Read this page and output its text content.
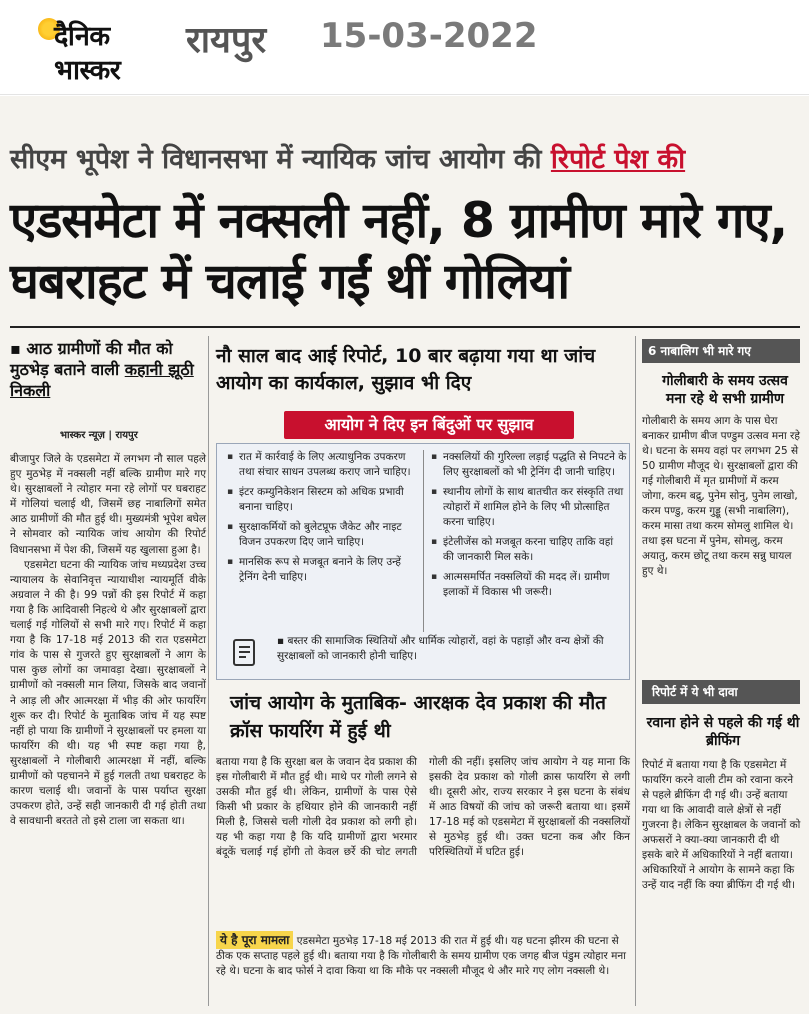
दैनिक
भास्कर
रायपुर 15-03-2022
सीएम भूपेश ने विधानसभा में न्यायिक जांच आयोग की रिपोर्ट पेश की
एडसमेटा में नक्सली नहीं, 8 ग्रामीण मारे गए, घबराहट में चलाई गईं थीं गोलियां
▪ आठ ग्रामीणों की मौत को मुठभेड़ बताने वाली कहानी झूठी निकली
भास्कर न्यूज़ | रायपुर

बीजापुर जिले के एडसमेटा में लगभग नौ साल पहले हुए मुठभेड़ में नक्सली नहीं बल्कि ग्रामीण मारे गए थे। सुरक्षाबलों ने त्योहार मना रहे लोगों पर घबराहट में गोलियां चलाई थी, जिसमें छह नाबालिगों समेत आठ ग्रामीणों की मौत हुई थी। मुख्यमंत्री भूपेश बघेल ने सोमवार को न्यायिक जांच आयोग की रिपोर्ट विधानसभा में पेश की, जिसमें यह खुलासा हुआ है।

एडसमेटा घटना की न्यायिक जांच मध्यप्रदेश उच्च न्यायालय के सेवानिवृत्त न्यायाधीश न्यायमूर्ति वीके अग्रवाल ने की है। 99 पन्नों की इस रिपोर्ट में कहा गया है कि आदिवासी निहत्थे थे और सुरक्षाबलों द्वारा चलाई गई गोलियों से सभी मारे गए। रिपोर्ट में कहा गया है कि 17-18 मई 2013 की रात एडसमेटा गांव के पास से गुजरते हुए सुरक्षाबलों ने आग के पास कुछ लोगों का जमावड़ा देखा। सुरक्षाबलों ने ग्रामीणों को नक्सली मान लिया, जिसके बाद जवानों ने आड़ ली और आत्मरक्षा में भीड़ की ओर फायरिंग शुरू कर दी। रिपोर्ट के मुताबिक जांच में यह स्पष्ट नहीं हो पाया कि ग्रामीणों ने सुरक्षाबलों पर हमला या फायरिंग की थी। यह भी स्पष्ट कहा गया है, सुरक्षाबलों ने गोलीबारी आत्मरक्षा में नहीं, बल्कि ग्रामीणों को पहचानने में हुई गलती तथा घबराहट के कारण चलाई थी। जवानों के पास पर्याप्त सुरक्षा उपकरण होते, उन्हें सही जानकारी दी गई होती तथा वे सावधानी बरतते तो इसे टाला जा सकता था।

नौ साल बाद आई रिपोर्ट, 10 बार बढ़ाया गया था जांच आयोग का कार्यकाल, सुझाव भी दिए
▪ रात में कार्रवाई के लिए अत्याधुनिक उपकरण तथा संचार साधन उपलब्ध कराए जाने चाहिए।
▪ इंटर कम्युनिकेशन सिस्टम को अधिक प्रभावी बनाना चाहिए।
▪ सुरक्षाकर्मियों को बुलेटप्रूफ जैकेट और नाइट विजन उपकरण दिए जाने चाहिए।
▪ मानसिक रूप से मजबूत बनाने के लिए उन्हें ट्रेनिंग देनी चाहिए।
▪ नक्सलियों की गुरिल्ला लड़ाई पद्धति से निपटने के लिए सुरक्षाबलों को भी ट्रेनिंग दी जानी चाहिए।
▪ स्थानीय लोगों के साथ बातचीत कर संस्कृति तथा त्योहारों में शामिल होने के लिए भी प्रोत्साहित करना चाहिए।
▪ इंटेलीजेंस को मजबूत करना चाहिए ताकि वहां की जानकारी मिल सके।
▪ आत्मसमर्पित नक्सलियों की मदद लें। ग्रामीण इलाकों में विकास भी जरूरी।
▪ बस्तर की सामाजिक स्थितियों और धार्मिक त्योहारों, वहां के पहाड़ों और वन्य क्षेत्रों की सुरक्षाबलों को जानकारी होनी चाहिए।
आयोग ने दिए इन बिंदुओं पर सुझाव
जांच आयोग के मुताबिक- आरक्षक देव प्रकाश की मौत क्रॉस फायरिंग में हुई थी
बताया गया है कि सुरक्षा बल के जवान देव प्रकाश की इस गोलीबारी में मौत हुई थी। माथे पर गोली लगने से उसकी मौत हुई थी। लेकिन, ग्रामीणों के पास ऐसे किसी भी प्रकार के हथियार होने की जानकारी नहीं मिली है, जिससे चली गोली देव प्रकाश को लगी हो। यह भी कहा गया है कि यदि ग्रामीणों द्वारा भरमार बंदूकें चलाई गई होंगी तो केवल छर्रे की चोट लगती गोली की नहीं। इसलिए जांच आयोग ने यह माना कि इसकी देव प्रकाश को गोली क्रास फायरिंग से लगी थी। दूसरी ओर, राज्य सरकार ने इस घटना के संबंध में आठ विषयों की जांच को जरूरी बताया था। इसमें 17-18 मई को एडसमेटा में सुरक्षाबलों की नक्सलियों से मुठभेड़ हुई थी। उक्त घटना कब और किन परिस्थितियों में घटित हुई।
ये है पूरा मामला एडसमेटा मुठभेड़ 17-18 मई 2013 की रात में हुई थी। यह घटना झीरम की घटना से ठीक एक सप्ताह पहले हुई थी। बताया गया है कि गोलीबारी के समय ग्रामीण एक जगह बीज पंडुम त्योहार मना रहे थे। घटना के बाद फोर्स ने दावा किया था कि मौके पर नक्सली मौजूद थे और मारे गए लोग नक्सली थे।
6 नाबालिग भी मारे गए
गोलीबारी के समय उत्सव मना रहे थे सभी ग्रामीण
गोलीबारी के समय आग के पास घेरा बनाकर ग्रामीण बीज पण्डुम उत्सव मना रहे थे। घटना के समय वहां पर लगभग 25 से 50 ग्रामीण मौजूद थे। सुरक्षाबलों द्वारा की गई गोलीबारी में मृत ग्रामीणों में करम जोगा, करम बद्रु, पुनेम सोनु, पुनेम लाखो, करम पण्डु, करम गुड्डू (सभी नाबालिग), करम मासा तथा करम सोमलु शामिल थे। तथा इस घटना में पुनेम, सोमलु, करम अयातु, करम छोटू तथा करम सन्नु घायल हुए थे।
रिपोर्ट में ये भी दावा
रवाना होने से पहले की गई थी ब्रीफिंग
रिपोर्ट में बताया गया है कि एडसमेटा में फायरिंग करने वाली टीम को रवाना करने से पहले ब्रीफिंग दी गई थी। उन्हें बताया गया था कि आवादी वाले क्षेत्रों से नहीं गुजरना है। लेकिन सुरक्षाबल के जवानों को अफसरों ने क्या-क्या जानकारी दी थी इसके बारे में अधिकारियों ने नहीं बताया। अधिकारियों ने आयोग के सामने कहा कि उन्हें याद नहीं कि क्या ब्रीफिंग दी गई थी।
